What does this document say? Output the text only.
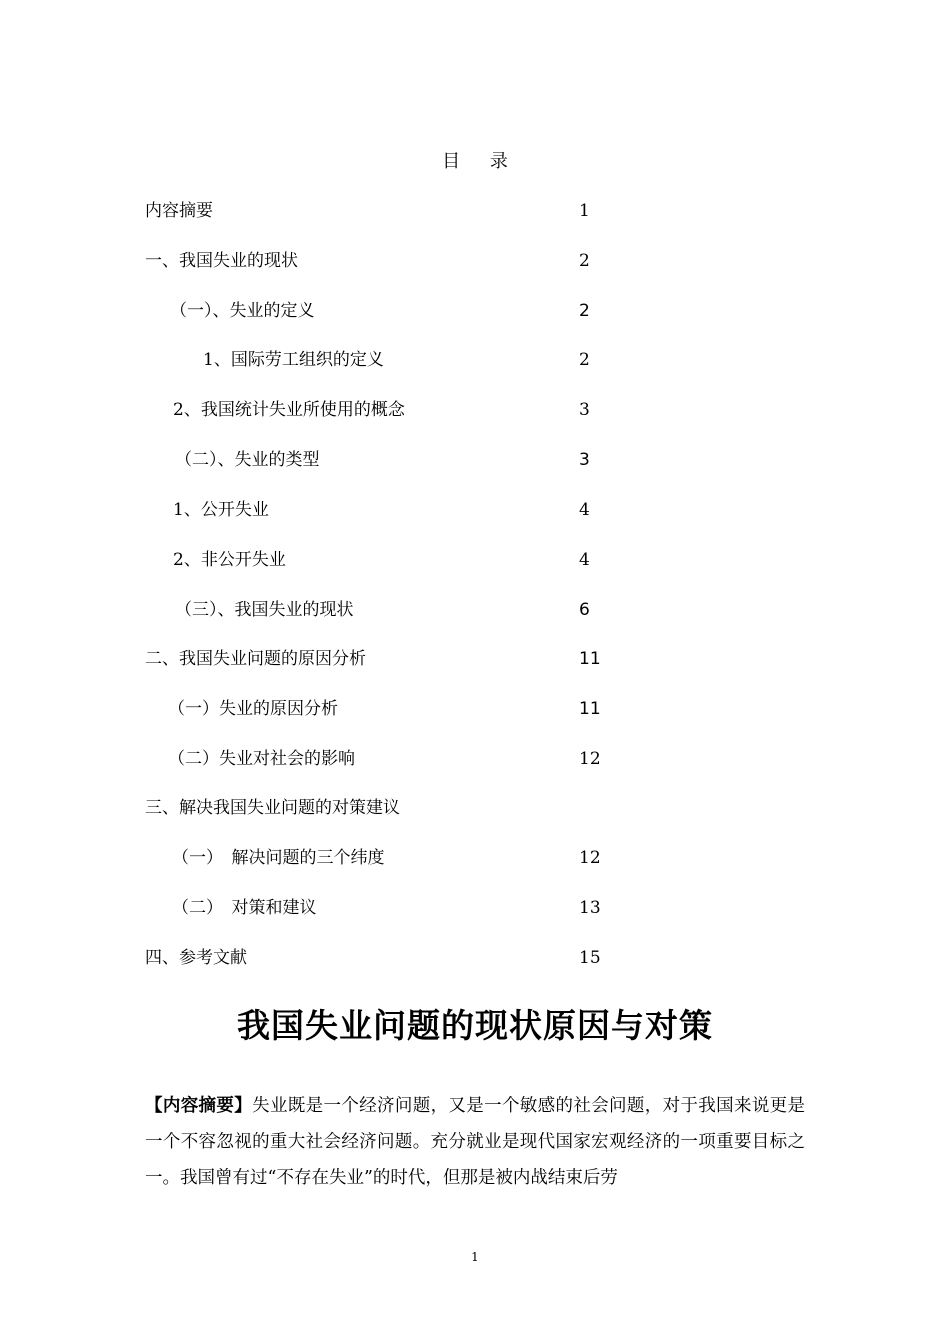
目 录
内容摘要	1
一、我国失业的现状	2
（一）、失业的定义	2
1、国际劳工组织的定义	2
2、我国统计失业所使用的概念	3
（二）、失业的类型	3
1、公开失业	4
2、非公开失业	4
（三）、我国失业的现状	6
二、我国失业问题的原因分析	11
（一）失业的原因分析	11
（二）失业对社会的影响	12
三、解决我国失业问题的对策建议
（一）　解决问题的三个纬度	12
（二）　对策和建议	13
四、参考文献	15
我国失业问题的现状原因与对策
【内容摘要】失业既是一个经济问题，又是一个敏感的社会问题，对于我国来说更是一个不容忽视的重大社会经济问题。充分就业是现代国家宏观经济的一项重要目标之一。我国曾有过“不存在失业”的时代，但那是被内战结束后劳
1
